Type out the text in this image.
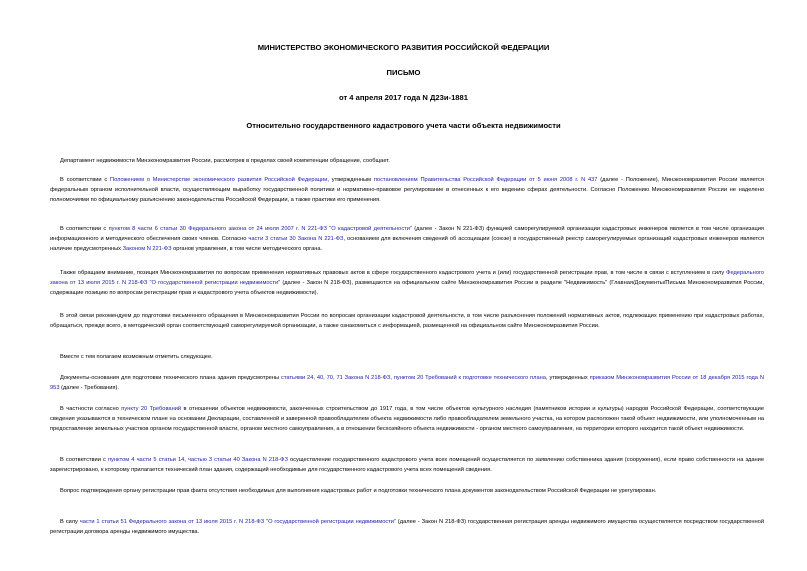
МИНИСТЕРСТВО ЭКОНОМИЧЕСКОГО РАЗВИТИЯ РОССИЙСКОЙ ФЕДЕРАЦИИ
ПИСЬМО
от 4 апреля 2017 года N Д23и-1881
Относительно государственного кадастрового учета части объекта недвижимости

Департамент недвижимости Минэкономразвития России, рассмотрев в пределах своей компетенции обращение, сообщает.

В соответствии с Положением о Министерстве экономического развития Российской Федерации, утвержденным постановлением Правительства Российской Федерации от 5 июня 2008 г. N 437 (далее - Положение), Минэкономразвития России является федеральным органом исполнительной власти, осуществляющим выработку государственной политики и нормативно-правовое регулирование в отнесенных к его ведению сферах деятельности. Согласно Положению Минэкономразвития России не наделено полномочиями по официальному разъяснению законодательства Российской Федерации, а также практики его применения.

В соответствии с пунктом 8 части 6 статьи 30 Федерального закона от 24 июля 2007 г. N 221-ФЗ "О кадастровой деятельности" (далее - Закон N 221-ФЗ) функцией саморегулируемой организации кадастровых инженеров является в том числе организация информационного и методического обеспечения своих членов. Согласно части 3 статьи 30 Закона N 221-ФЗ, основанием для включения сведений об ассоциации (союзе) в государственный реестр саморегулируемых организаций кадастровых инженеров является наличие предусмотренных Законом N 221-ФЗ органов управления, в том числе методического органа.

Также обращаем внимание, позиция Минэкономразвития по вопросам применения нормативных правовых актов в сфере государственного кадастрового учета и (или) государственной регистрации прав, в том числе в связи с вступлением в силу Федерального закона от 13 июля 2015 г. N 218-ФЗ "О государственной регистрации недвижимости" (далее - Закон N 218-ФЗ), размещаются на официальном сайте Минэкономразвития России в разделе "Недвижимость" (Главная/Документы/Письма Минэкономразвития России, содержащие позицию по вопросам регистрации прав и кадастрового учета объектов недвижимости).

В этой связи рекомендуем до подготовки письменного обращения в Минэкономразвития России по вопросам организации кадастровой деятельности, в том числе разъяснения положений нормативных актов, подлежащих применению при кадастровых работах, обращаться, прежде всего, в методический орган соответствующей саморегулируемой организации, а также ознакомиться с информацией, размещенной на официальном сайте Минэкономразвития России.

Вместе с тем полагаем возможным отметить следующее.

Документы-основания для подготовки технического плана здания предусмотрены статьями 24, 40, 70, 71 Закона N 218-ФЗ, пунктом 20 Требований к подготовке технического плана, утвержденных приказом Минэкономразвития России от 18 декабря 2015 года N 953 (далее - Требования).

В частности согласно пункту 20 Требований в отношении объектов недвижимости, законченных строительством до 1917 года, в том числе объектов культурного наследия (памятников истории и культуры) народов Российской Федерации, соответствующие сведения указываются в техническом плане на основании Декларации, составленной и заверенной правообладателем объекта недвижимости либо правообладателем земельного участка, на котором расположен такой объект недвижимости, или уполномоченным на предоставление земельных участков органом государственной власти, органом местного самоуправления, а в отношении бесхозяйного объекта недвижимости - органом местного самоуправления, на территории которого находится такой объект недвижимости.

В соответствии с пунктом 4 части 5 статьи 14, частью 3 статьи 40 Закона N 218-ФЗ осуществление государственного кадастрового учета всех помещений осуществляется по заявлению собственника здания (сооружения), если право собственности на здание зарегистрировано, к которому прилагается технический план здания, содержащий необходимые для государственного кадастрового учета всех помещений сведения.

Вопрос подтверждения органу регистрации прав факта отсутствия необходимых для выполнения кадастровых работ и подготовки технического плана документов законодательством Российской Федерации не урегулирован.

В силу части 1 статьи 51 Федерального закона от 13 июля 2015 г. N 218-ФЗ "О государственной регистрации недвижимости" (далее - Закон N 218-ФЗ) государственная регистрация аренды недвижимого имущества осуществляется посредством государственной регистрации договора аренды недвижимого имущества.
